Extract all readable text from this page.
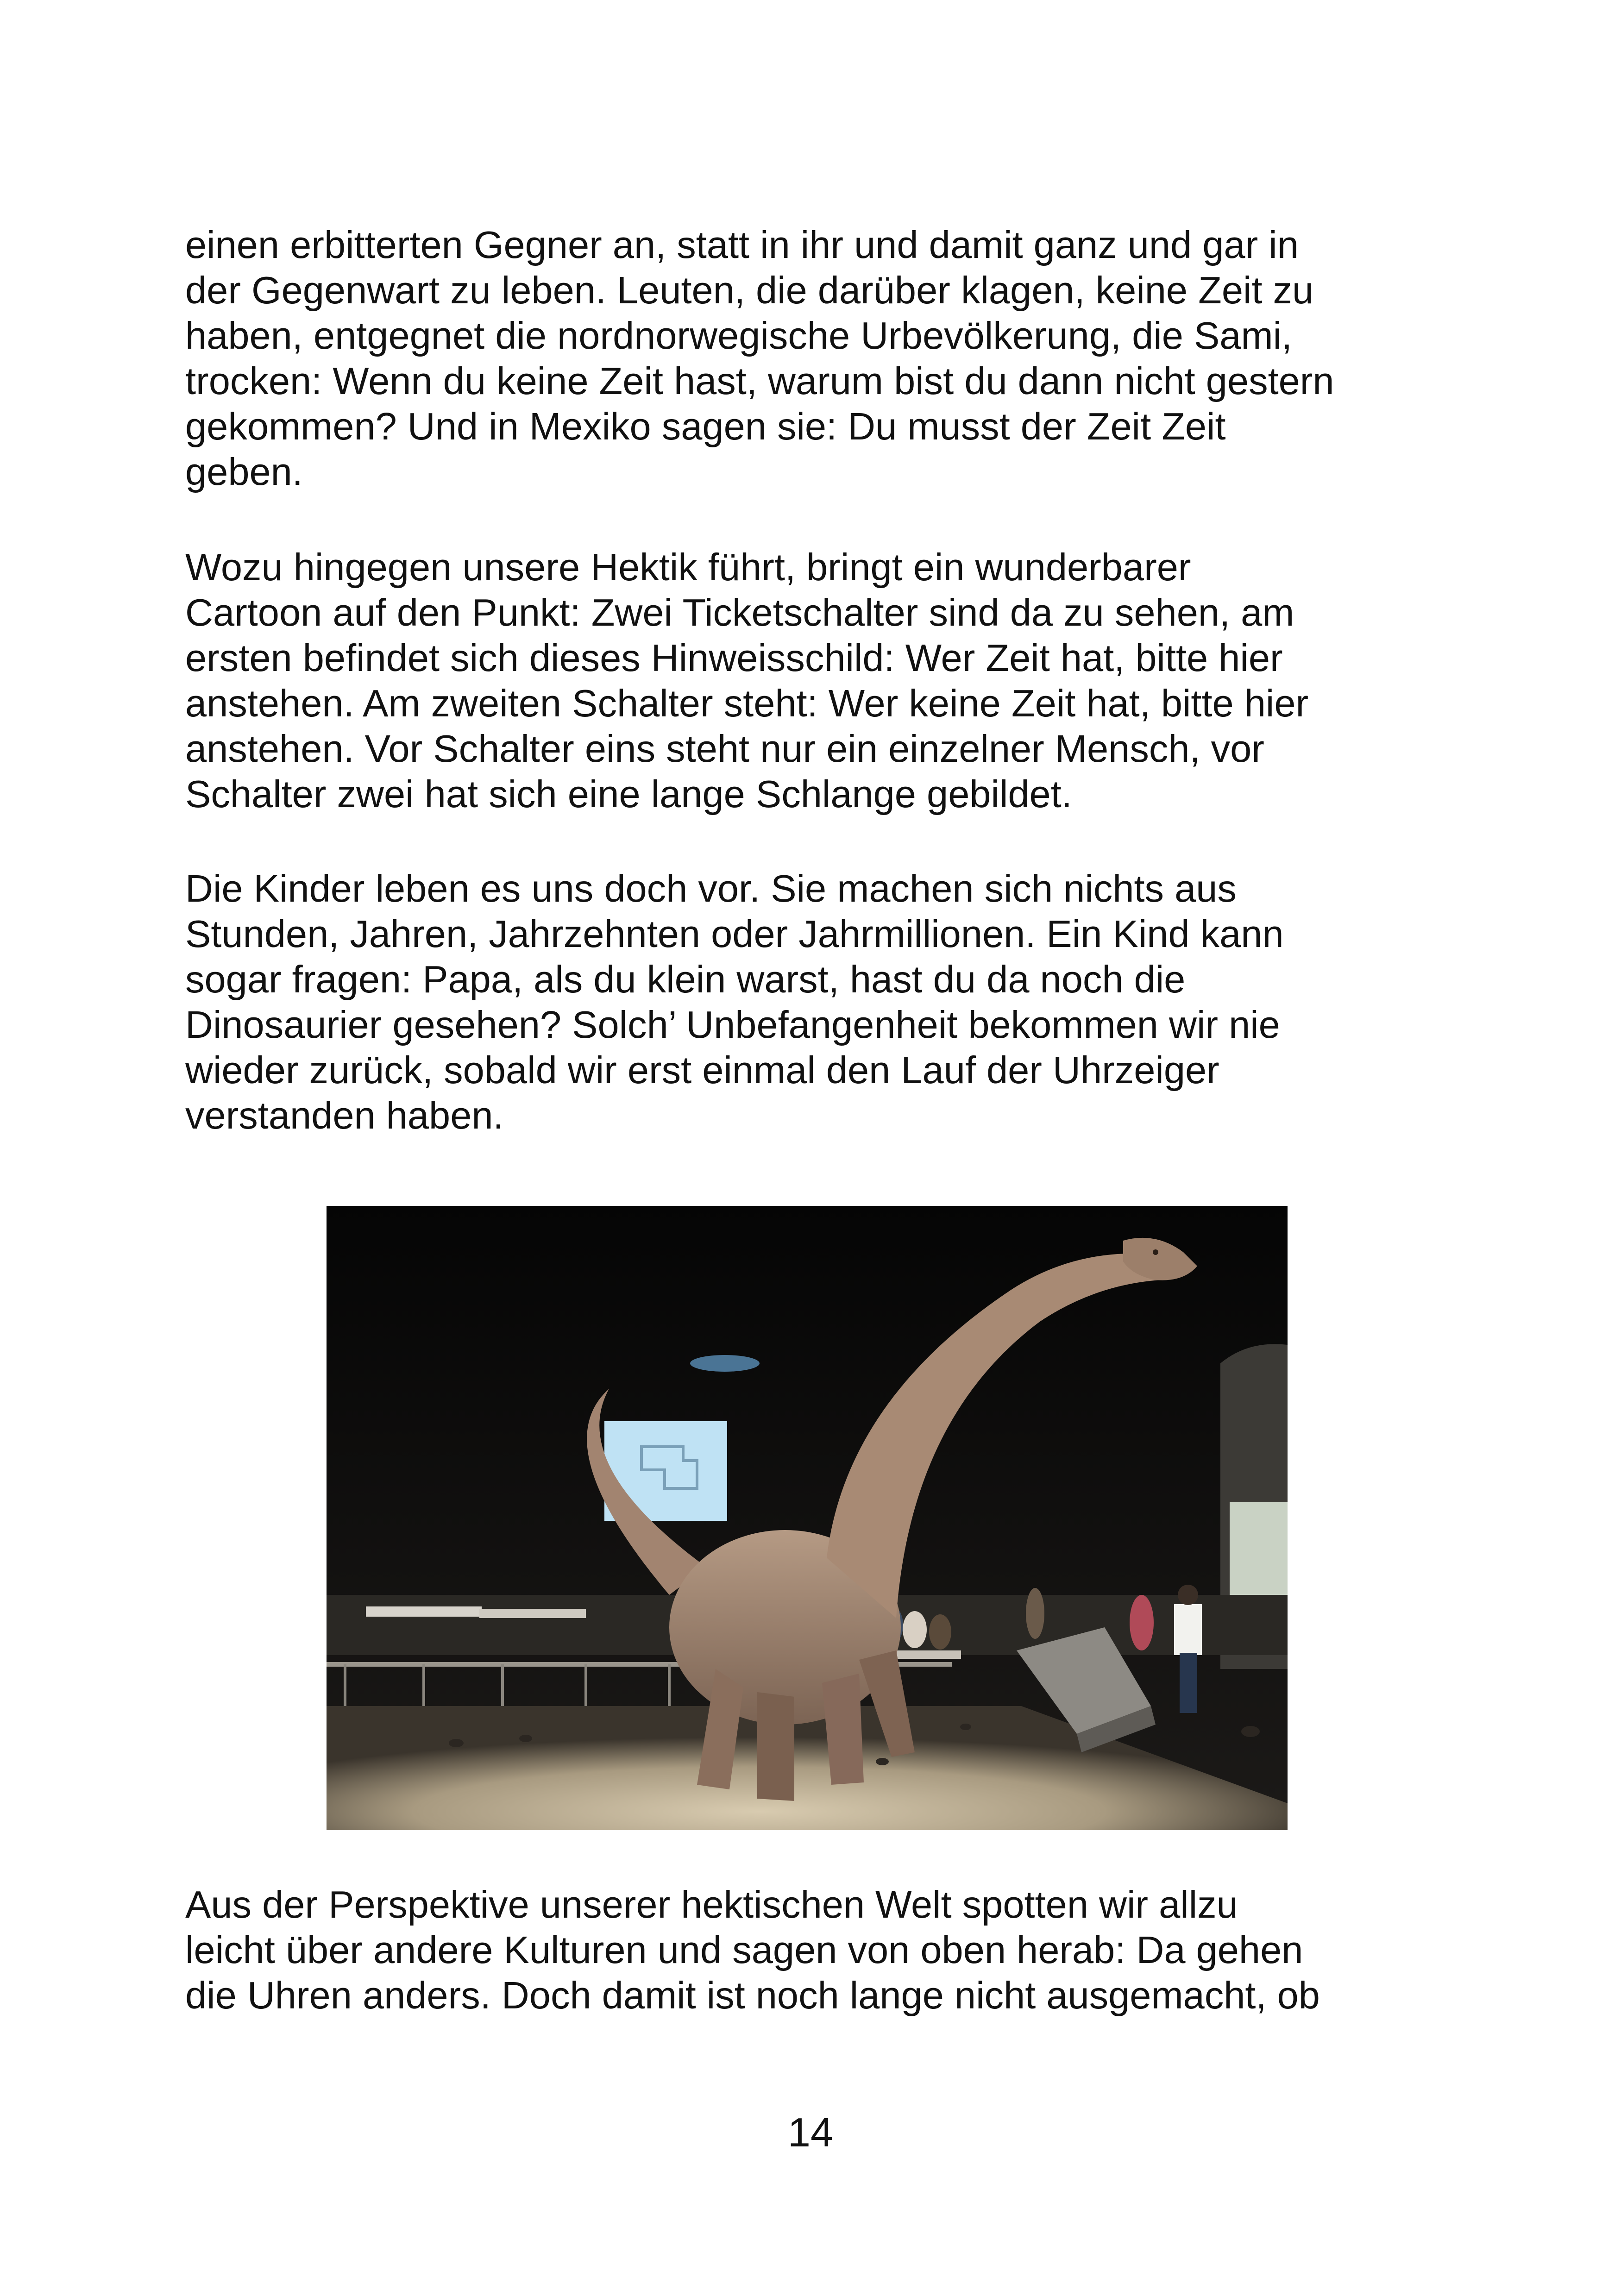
einen erbitterten Gegner an, statt in ihr und damit ganz und gar in
der Gegenwart zu leben. Leuten, die darüber klagen, keine Zeit zu
haben, entgegnet die nordnorwegische Urbevölkerung, die Sami,
trocken: Wenn du keine Zeit hast, warum bist du dann nicht gestern
gekommen? Und in Mexiko sagen sie: Du musst der Zeit Zeit
geben.

Wozu hingegen unsere Hektik führt, bringt ein wunderbarer
Cartoon auf den Punkt: Zwei Ticketschalter sind da zu sehen, am
ersten befindet sich dieses Hinweisschild: Wer Zeit hat, bitte hier
anstehen. Am zweiten Schalter steht: Wer keine Zeit hat, bitte hier
anstehen. Vor Schalter eins steht nur ein einzelner Mensch, vor
Schalter zwei hat sich eine lange Schlange gebildet.

Die Kinder leben es uns doch vor. Sie machen sich nichts aus
Stunden, Jahren, Jahrzehnten oder Jahrmillionen. Ein Kind kann
sogar fragen: Papa, als du klein warst, hast du da noch die
Dinosaurier gesehen? Solch’ Unbefangenheit bekommen wir nie
wieder zurück, sobald wir erst einmal den Lauf der Uhrzeiger
verstanden haben.

Aus der Perspektive unserer hektischen Welt spotten wir allzu
leicht über andere Kulturen und sagen von oben herab: Da gehen
die Uhren anders. Doch damit ist noch lange nicht ausgemacht, ob

14
